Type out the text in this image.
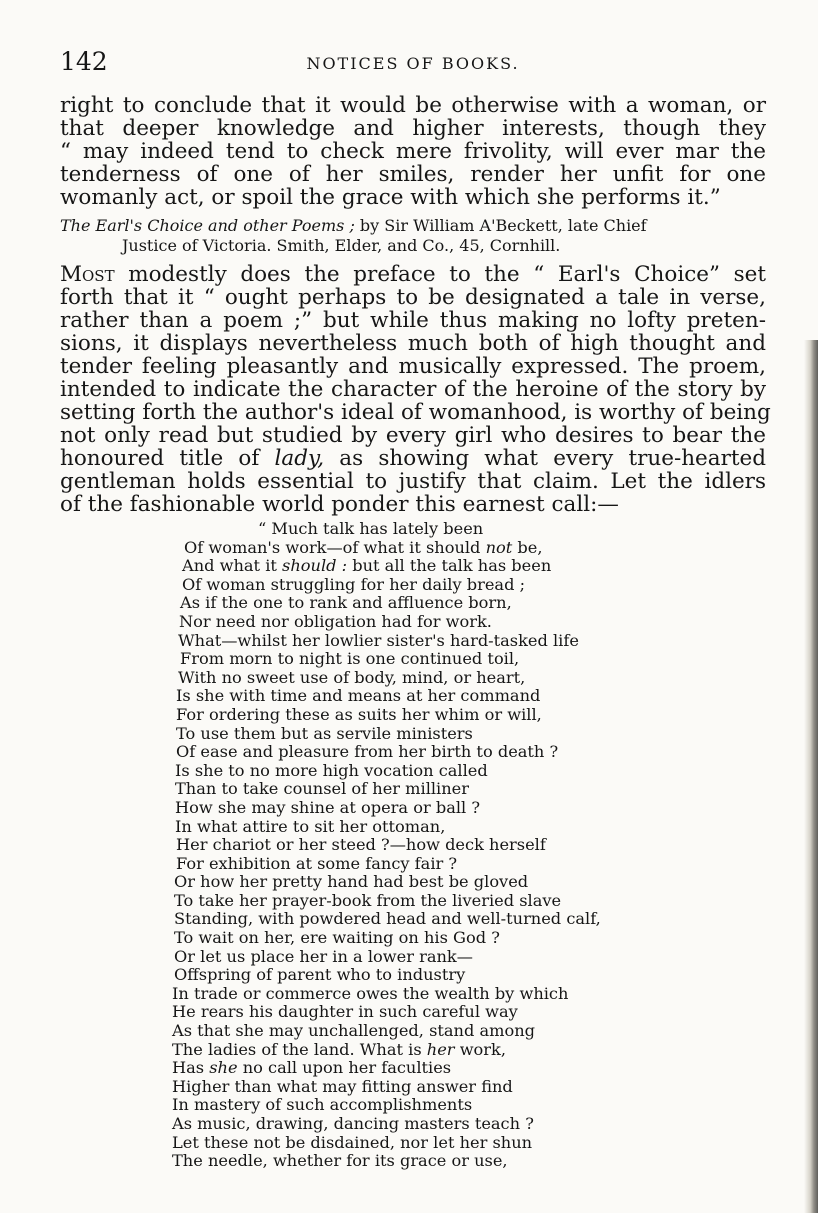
142	NOTICES OF BOOKS.
right to conclude that it would be otherwise with a woman, or
that deeper knowledge and higher interests, though they
“ may indeed tend to check mere frivolity, will ever mar the
tenderness of one of her smiles, render her unfit for one
womanly act, or spoil the grace with which she performs it.”
The Earl's Choice and other Poems ; by Sir William A'Beckett, late Chief
Justice of Victoria. Smith, Elder, and Co., 45, Cornhill.
Most modestly does the preface to the “ Earl's Choice” set
forth that it “ ought perhaps to be designated a tale in verse,
rather than a poem ;” but while thus making no lofty preten-
sions, it displays nevertheless much both of high thought and
tender feeling pleasantly and musically expressed. The proem,
intended to indicate the character of the heroine of the story by
setting forth the author's ideal of womanhood, is worthy of being
not only read but studied by every girl who desires to bear the
honoured title of lady, as showing what every true-hearted
gentleman holds essential to justify that claim. Let the idlers
of the fashionable world ponder this earnest call:—
“ Much talk has lately been
Of woman's work—of what it should not be,
And what it should : but all the talk has been
Of woman struggling for her daily bread ;
As if the one to rank and affluence born,
Nor need nor obligation had for work.
What—whilst her lowlier sister's hard-tasked life
From morn to night is one continued toil,
With no sweet use of body, mind, or heart,
Is she with time and means at her command
For ordering these as suits her whim or will,
To use them but as servile ministers
Of ease and pleasure from her birth to death ?
Is she to no more high vocation called
Than to take counsel of her milliner
How she may shine at opera or ball ?
In what attire to sit her ottoman,
Her chariot or her steed ?—how deck herself
For exhibition at some fancy fair ?
Or how her pretty hand had best be gloved
To take her prayer-book from the liveried slave
Standing, with powdered head and well-turned calf,
To wait on her, ere waiting on his God ?
Or let us place her in a lower rank—
Offspring of parent who to industry
In trade or commerce owes the wealth by which
He rears his daughter in such careful way
As that she may unchallenged, stand among
The ladies of the land. What is her work,
Has she no call upon her faculties
Higher than what may fitting answer find
In mastery of such accomplishments
As music, drawing, dancing masters teach ?
Let these not be disdained, nor let her shun
The needle, whether for its grace or use,
